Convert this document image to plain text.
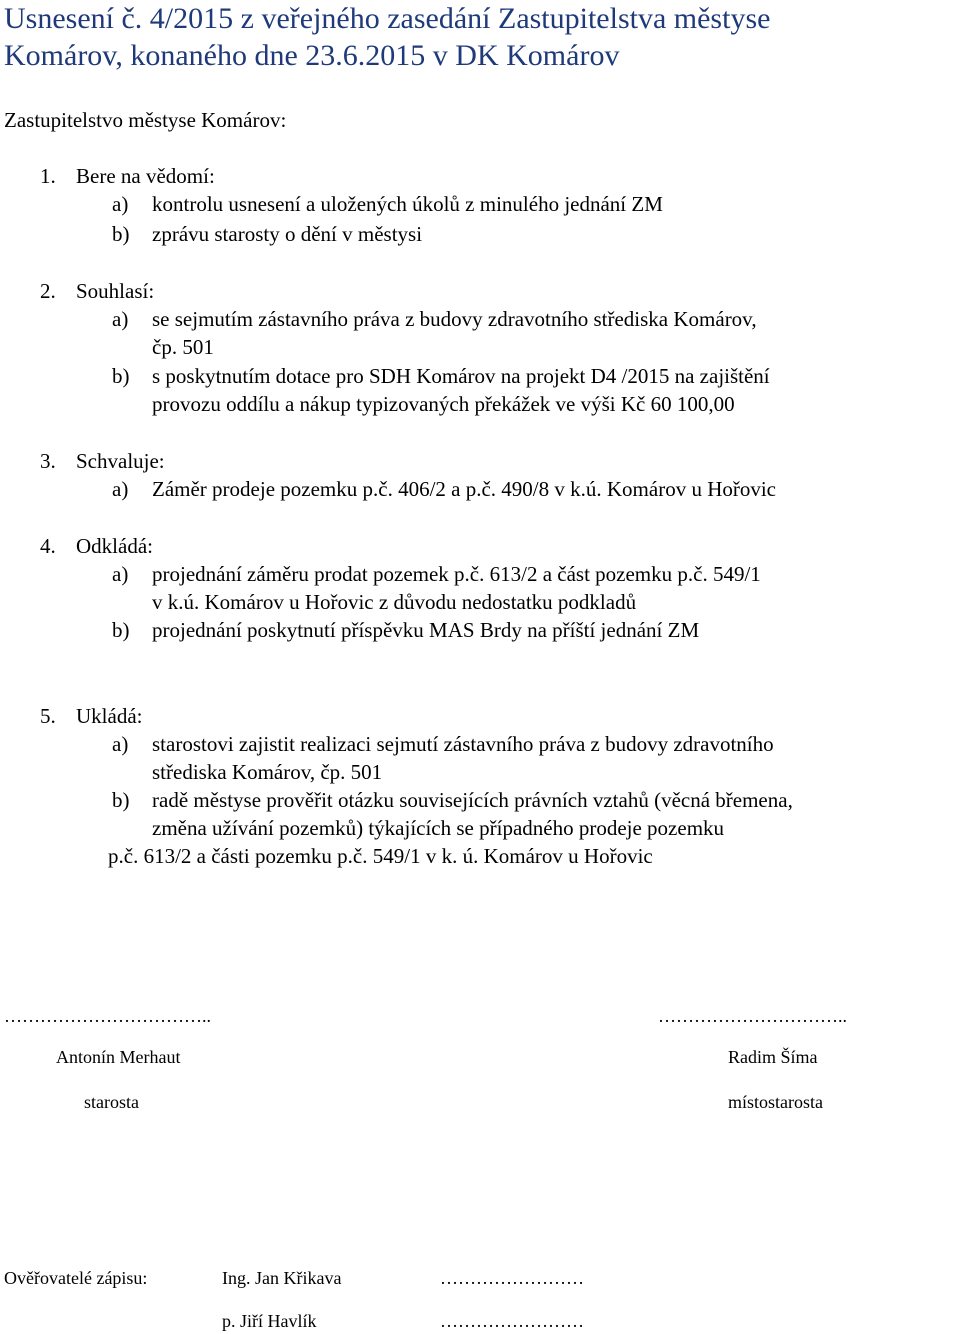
Usnesení č. 4/2015 z veřejného zasedání Zastupitelstva městyse
Komárov, konaného dne 23.6.2015 v DK Komárov
Zastupitelstvo městyse Komárov:
1. Bere na vědomí:
a)	kontrolu usnesení a uložených úkolů z minulého jednání ZM
b)	zprávu starosty o dění v městysi
2. Souhlasí:
a)	se sejmutím zástavního práva z budovy zdravotního střediska Komárov,
čp. 501
b)	s poskytnutím dotace pro SDH Komárov na projekt D4 /2015 na zajištění
provozu oddílu a nákup typizovaných překážek ve výši Kč 60 100,00
3. Schvaluje:
a)	Záměr prodeje pozemku p.č. 406/2 a p.č. 490/8 v k.ú. Komárov u Hořovic
4. Odkládá:
a)	projednání záměru prodat pozemek p.č. 613/2 a část pozemku p.č. 549/1
v k.ú. Komárov u Hořovic z důvodu nedostatku podkladů
b)	projednání poskytnutí příspěvku MAS Brdy na příští jednání ZM
5. Ukládá:
a)	starostovi zajistit realizaci sejmutí zástavního práva z budovy zdravotního
střediska Komárov, čp. 501
b)	radě městyse prověřit otázku souvisejících právních vztahů (věcná břemena,
změna užívání pozemků) týkajících se případného prodeje pozemku
p.č. 613/2 a části pozemku p.č. 549/1 v k. ú. Komárov u Hořovic
……………………………..
Antonín Merhaut
starosta
…………………………..
Radim Šíma
místostarosta
Ověřovatelé zápisu:	Ing. Jan Křikava	……………………
p. Jiří Havlík	……………………
